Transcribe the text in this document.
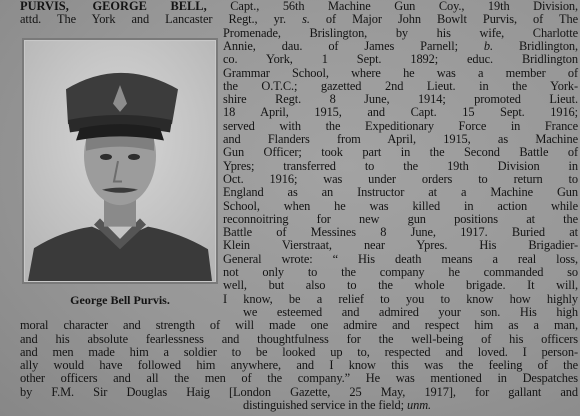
PURVIS, GEORGE BELL, Capt., 56th Machine Gun Coy., 19th Division,
attd. The York and Lancaster Regt., yr. s. of Major John Bowlt Purvis, of The
Promenade, Brislington, by his wife, Charlotte
Annie, dau. of James Parnell; b. Bridlington,
co. York, 1 Sept. 1892; educ. Bridlington
Grammar School, where he was a member of
the O.T.C.; gazetted 2nd Lieut. in the York-
shire Regt. 8 June, 1914; promoted Lieut.
18 April, 1915, and Capt. 15 Sept. 1916;
served with the Expeditionary Force in France
and Flanders from April, 1915, as Machine
Gun Officer; took part in the Second Battle of
Ypres; transferred to the 19th Division in
Oct. 1916; was under orders to return to
England as an Instructor at a Machine Gun
School, when he was killed in action while
reconnoitring for new gun positions at the
Battle of Messines 8 June, 1917. Buried at
Klein Vierstraat, near Ypres. His Brigadier-
General wrote: “ His death means a real loss,
not only to the company he commanded so
well, but also to the whole brigade. It will,
I know, be a relief to you to know how highly
George Bell Purvis.
we esteemed and admired your son. His high
moral character and strength of will made one admire and respect him as a man,
and his absolute fearlessness and thoughtfulness for the well-being of his officers
and men made him a soldier to be looked up to, respected and loved. I person-
ally would have followed him anywhere, and I know this was the feeling of the
other officers and all the men of the company.” He was mentioned in Despatches
by F.M. Sir Douglas Haig [London Gazette, 25 May, 1917], for gallant and
distinguished service in the field; unm.
